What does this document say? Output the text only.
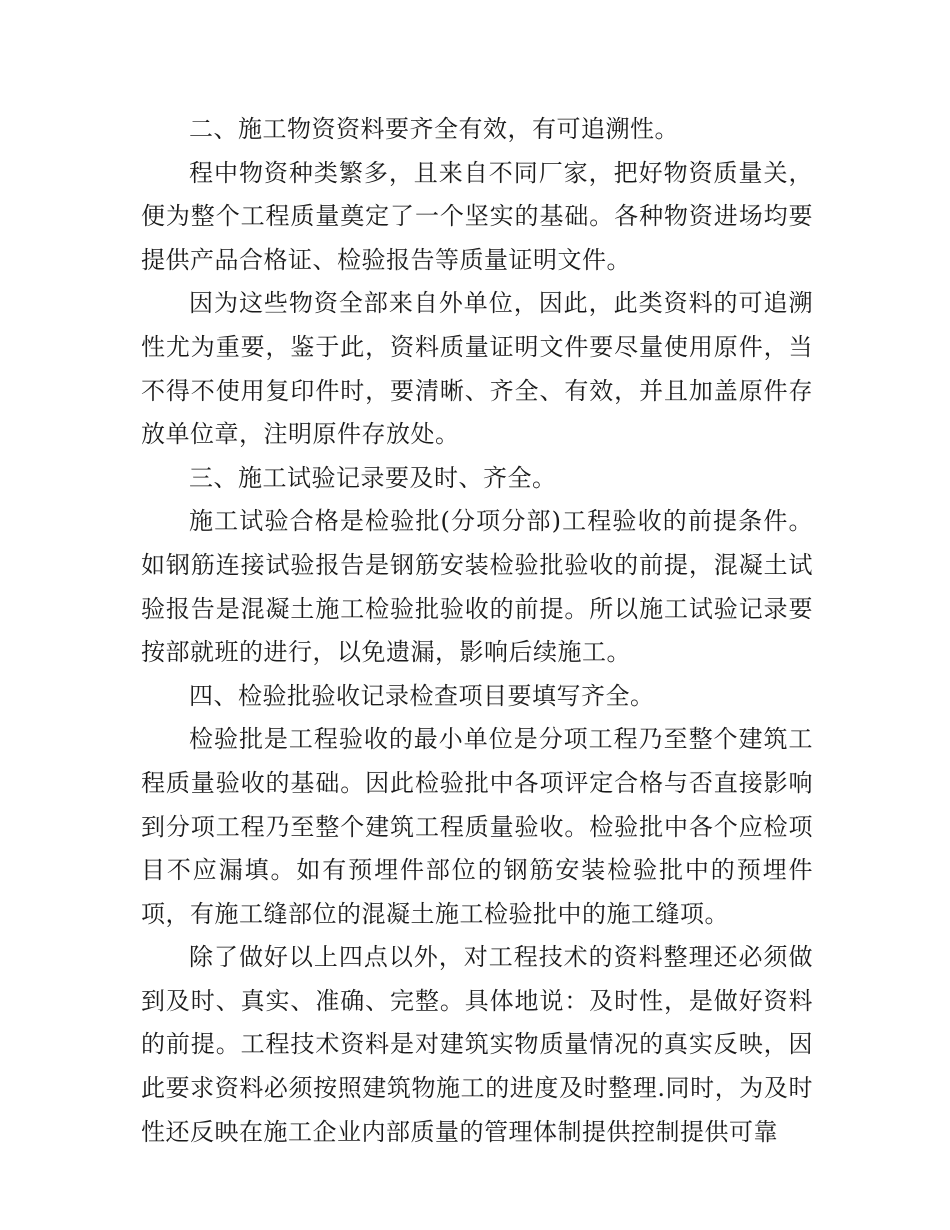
二、施工物资资料要齐全有效，有可追溯性。

程中物资种类繁多，且来自不同厂家，把好物资质量关，便为整个工程质量奠定了一个坚实的基础。各种物资进场均要提供产品合格证、检验报告等质量证明文件。

因为这些物资全部来自外单位，因此，此类资料的可追溯性尤为重要，鉴于此，资料质量证明文件要尽量使用原件，当不得不使用复印件时，要清晰、齐全、有效，并且加盖原件存放单位章，注明原件存放处。

三、施工试验记录要及时、齐全。

施工试验合格是检验批(分项分部)工程验收的前提条件。如钢筋连接试验报告是钢筋安装检验批验收的前提，混凝土试验报告是混凝土施工检验批验收的前提。所以施工试验记录要按部就班的进行，以免遗漏，影响后续施工。

四、检验批验收记录检查项目要填写齐全。

检验批是工程验收的最小单位是分项工程乃至整个建筑工程质量验收的基础。因此检验批中各项评定合格与否直接影响到分项工程乃至整个建筑工程质量验收。检验批中各个应检项目不应漏填。如有预埋件部位的钢筋安装检验批中的预埋件项，有施工缝部位的混凝土施工检验批中的施工缝项。

除了做好以上四点以外，对工程技术的资料整理还必须做到及时、真实、准确、完整。具体地说：及时性，是做好资料的前提。工程技术资料是对建筑实物质量情况的真实反映，因此要求资料必须按照建筑物施工的进度及时整理.同时，为及时性还反映在施工企业内部质量的管理体制提供控制提供可靠
